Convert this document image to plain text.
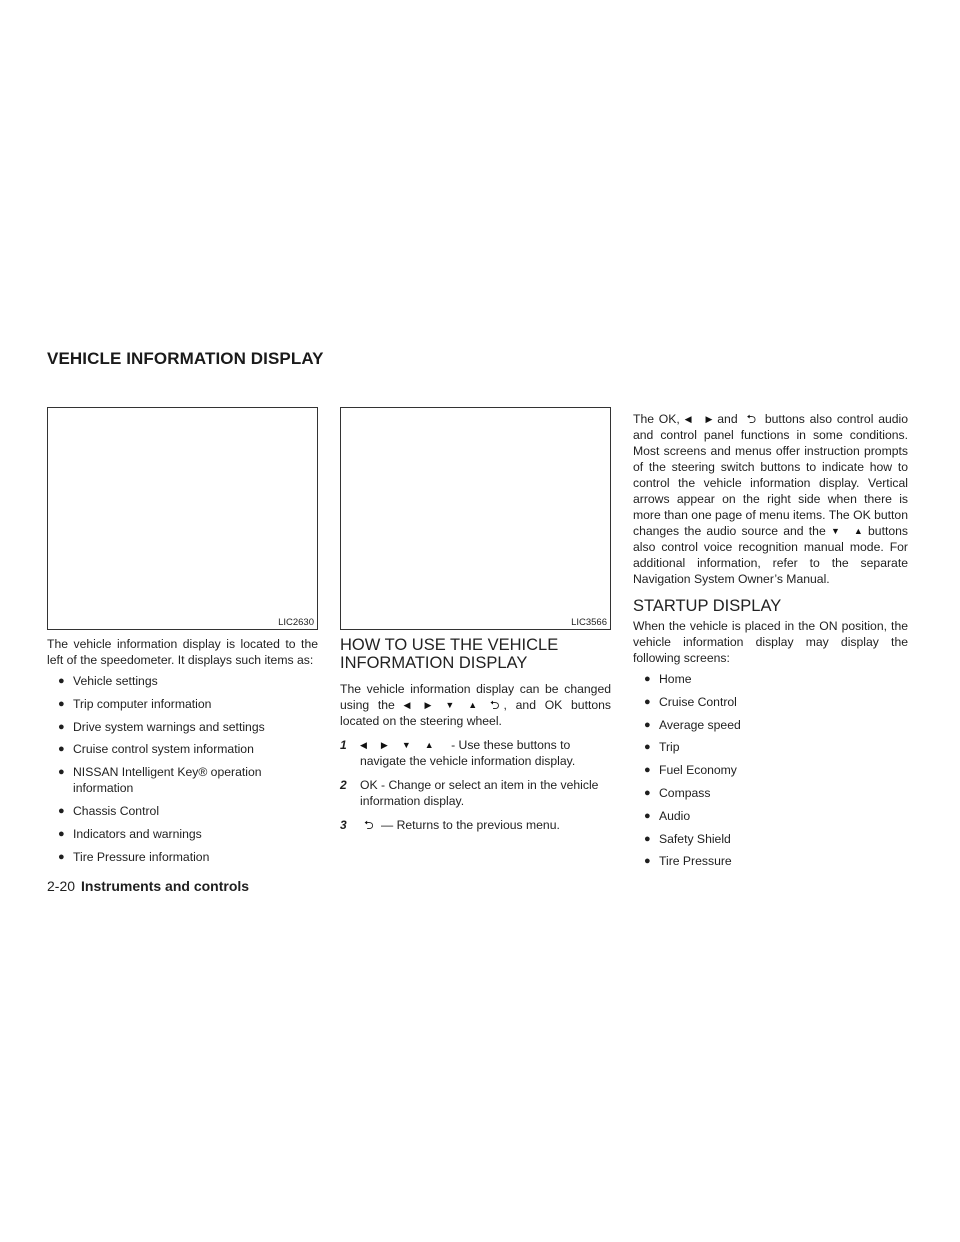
VEHICLE INFORMATION DISPLAY
LIC2630	LIC3566

The vehicle information display is located to the left of the speedometer. It displays such items as:

● Vehicle settings
● Trip computer information
● Drive system warnings and settings
● Cruise control system information
● NISSAN Intelligent Key® operation information
● Chassis Control
● Indicators and warnings
● Tire Pressure information
HOW TO USE THE VEHICLE INFORMATION DISPLAY

The vehicle information display can be changed using the ◀ ▶ ▼ ▲ ⮌ , and OK buttons located on the steering wheel.

1 ◀ ▶ ▼ ▲ - Use these buttons to navigate the vehicle information display.
2 OK - Change or select an item in the vehicle information display.
3 ⮌ — Returns to the previous menu.

The OK, ◀ ▶ and ⮌ buttons also control audio and control panel functions in some conditions. Most screens and menus offer instruction prompts of the steering switch buttons to indicate how to control the vehicle information display. Vertical arrows appear on the right side when there is more than one page of menu items. The OK button changes the audio source and the ▼ ▲ buttons also control voice recognition manual mode. For additional information, refer to the separate Navigation System Owner’s Manual.

STARTUP DISPLAY

When the vehicle is placed in the ON position, the vehicle information display may display the following screens:

● Home
● Cruise Control
● Average speed
● Trip
● Fuel Economy
● Compass
● Audio
● Safety Shield
● Tire Pressure
2-20 Instruments and controls
